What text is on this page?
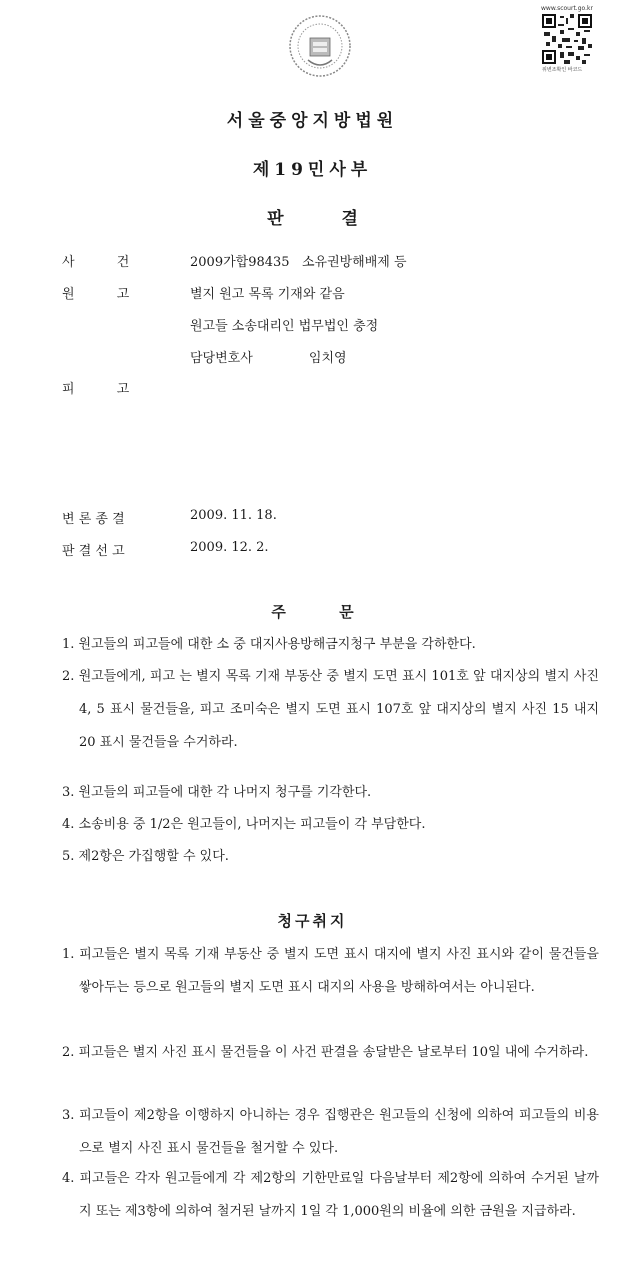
www.scourt.go.kr
위변조확인 바코드
서울중앙지방법원
제19민사부
판 결
사 건	2009가합98435   소유권방해배제 등
원 고	별지 원고 목록 기재와 같음
원고들 소송대리인 법무법인 충정
담당변호사 임치영
피 고
변 론 종 결	2009. 11. 18.
판 결 선 고	2009. 12. 2.
주 문
1. 원고들의 피고들에 대한 소 중 대지사용방해금지청구 부분을 각하한다.
2. 원고들에게, 피고 는 별지 목록 기재 부동산 중 별지 도면 표시 101호 앞 대지상의 별지 사진 4, 5 표시 물건들을, 피고 조미숙은 별지 도면 표시 107호 앞 대지상의 별지 사진 15 내지 20 표시 물건들을 수거하라.
3. 원고들의 피고들에 대한 각 나머지 청구를 기각한다.
4. 소송비용 중 1/2은 원고들이, 나머지는 피고들이 각 부담한다.
5. 제2항은 가집행할 수 있다.
청구취지
1. 피고들은 별지 목록 기재 부동산 중 별지 도면 표시 대지에 별지 사진 표시와 같이 물건들을 쌓아두는 등으로 원고들의 별지 도면 표시 대지의 사용을 방해하여서는 아니된다.
2. 피고들은 별지 사진 표시 물건들을 이 사건 판결을 송달받은 날로부터 10일 내에 수거하라.
3. 피고들이 제2항을 이행하지 아니하는 경우 집행관은 원고들의 신청에 의하여 피고들의 비용으로 별지 사진 표시 물건들을 철거할 수 있다.
4. 피고들은 각자 원고들에게 각 제2항의 기한만료일 다음날부터 제2항에 의하여 수거된 날까지 또는 제3항에 의하여 철거된 날까지 1일 각 1,000원의 비율에 의한 금원을 지급하라.
